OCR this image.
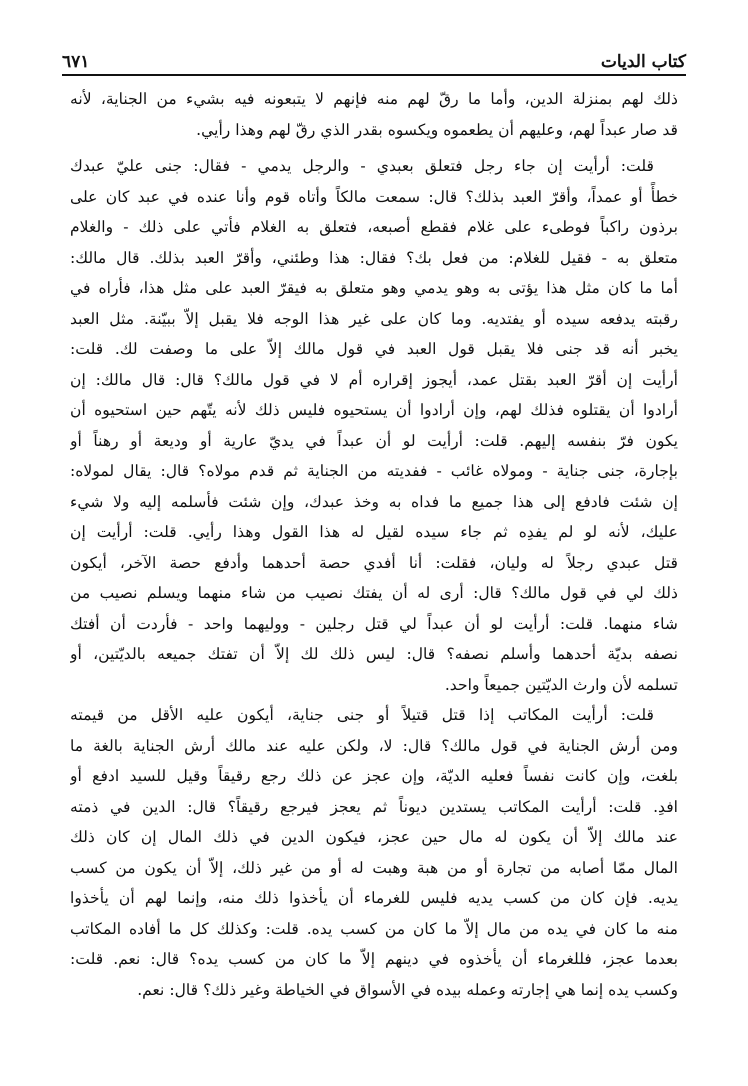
كتاب الديات
٦٧١
ذلك لهم بمنزلة الدين، وأما ما رقّ لهم منه فإنهم لا يتبعونه فيه بشيء من الجناية، لأنه
قد صار عبداً لهم، وعليهم أن يطعموه ويكسوه بقدر الذي رقّ لهم وهذا رأيي.
قلت: أرأيت إن جاء رجل فتعلق بعبدي - والرجل يدمي - فقال: جنى عليّ عبدك
خطأً أو عمداً، وأقرّ العبد بذلك؟ قال: سمعت مالكاً وأتاه قوم وأنا عنده في عبد كان على
برذون راكباً فوطىء على غلام فقطع أصبعه، فتعلق به الغلام فأتي على ذلك - والغلام
متعلق به - فقيل للغلام: من فعل بك؟ فقال: هذا وطئني، وأقرّ العبد بذلك. قال مالك:
أما ما كان مثل هذا يؤتى به وهو يدمي وهو متعلق به فيقرّ العبد على مثل هذا، فأراه في
رقبته يدفعه سيده أو يفتديه. وما كان على غير هذا الوجه فلا يقبل إلاّ ببيّنة. مثل العبد
يخبر أنه قد جنى فلا يقبل قول العبد في قول مالك إلاّ على ما وصفت لك. قلت:
أرأيت إن أقرّ العبد بقتل عمد، أيجوز إقراره أم لا في قول مالك؟ قال: قال مالك: إن
أرادوا أن يقتلوه فذلك لهم، وإن أرادوا أن يستحيوه فليس ذلك لأنه يتّهم حين استحيوه أن
يكون فرّ بنفسه إليهم. قلت: أرأيت لو أن عبداً في يديّ عارية أو وديعة أو رهناً أو
بإجارة، جنى جناية - ومولاه غائب - ففديته من الجناية ثم قدم مولاه؟ قال: يقال لمولاه:
إن شئت فادفع إلى هذا جميع ما فداه به وخذ عبدك، وإن شئت فأسلمه إليه ولا شيء
عليك، لأنه لو لم يفدِه ثم جاء سيده لقيل له هذا القول وهذا رأيي. قلت: أرأيت إن
قتل عبدي رجلاً له وليان، فقلت: أنا أفدي حصة أحدهما وأدفع حصة الآخر، أيكون
ذلك لي في قول مالك؟ قال: أرى له أن يفتك نصيب من شاء منهما ويسلم نصيب من
شاء منهما. قلت: أرأيت لو أن عبداً لي قتل رجلين - ووليهما واحد - فأردت أن أفتك
نصفه بديّة أحدهما وأسلم نصفه؟ قال: ليس ذلك لك إلاّ أن تفتك جميعه بالديّتين، أو
تسلمه لأن وارث الديّتين جميعاً واحد.
قلت: أرأيت المكاتب إذا قتل قتيلاً أو جنى جناية، أيكون عليه الأقل من قيمته
ومن أرش الجناية في قول مالك؟ قال: لا، ولكن عليه عند مالك أرش الجناية بالغة ما
بلغت، وإن كانت نفساً فعليه الديّة، وإن عجز عن ذلك رجع رقيقاً وقيل للسيد ادفع أو
افدِ. قلت: أرأيت المكاتب يستدين ديوناً ثم يعجز فيرجع رقيقاً؟ قال: الدين في ذمته
عند مالك إلاّ أن يكون له مال حين عجز، فيكون الدين في ذلك المال إن كان ذلك
المال ممّا أصابه من تجارة أو من هبة وهبت له أو من غير ذلك، إلاّ أن يكون من كسب
يديه. فإن كان من كسب يديه فليس للغرماء أن يأخذوا ذلك منه، وإنما لهم أن يأخذوا
منه ما كان في يده من مال إلاّ ما كان من كسب يده. قلت: وكذلك كل ما أفاده المكاتب
بعدما عجز، فللغرماء أن يأخذوه في دينهم إلاّ ما كان من كسب يده؟ قال: نعم. قلت:
وكسب يده إنما هي إجارته وعمله بيده في الأسواق في الخياطة وغير ذلك؟ قال: نعم.
